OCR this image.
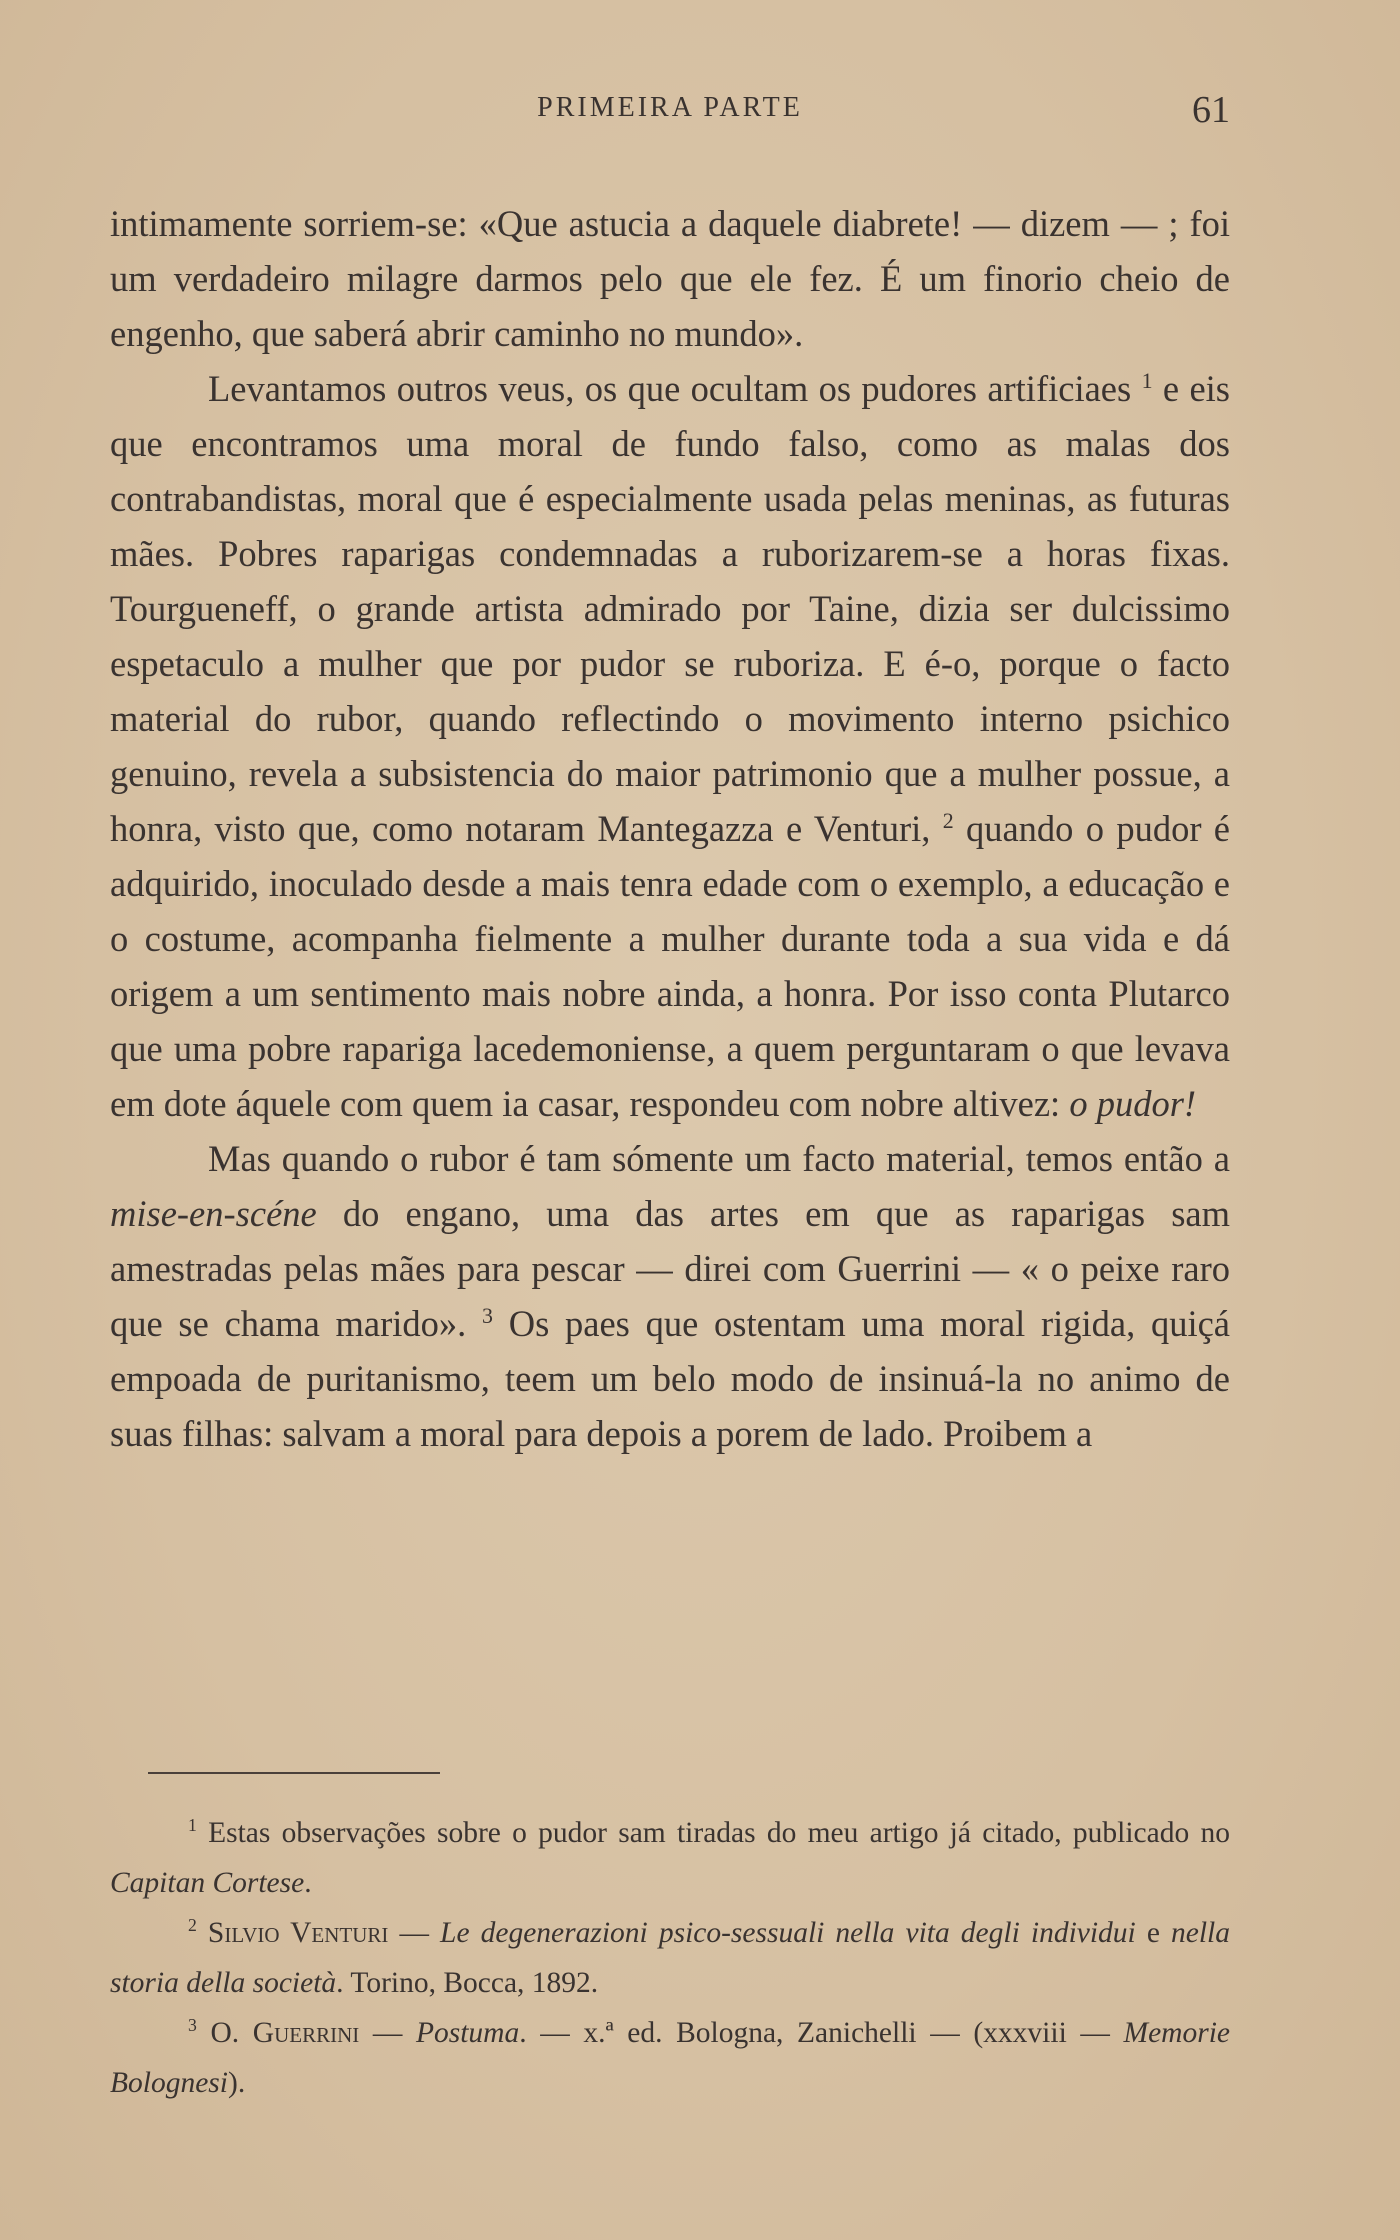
PRIMEIRA PARTE	61

intimamente sorriem-se: «Que astucia a daquele diabrete! — dizem — ; foi um verdadeiro milagre darmos pelo que ele fez. É um finorio cheio de engenho, que saberá abrir caminho no mundo».

Levantamos outros veus, os que ocultam os pudores artificiaes $^1$ e eis que encontramos uma moral de fundo falso, como as malas dos contrabandistas, moral que é especialmente usada pelas meninas, as futuras mães. Pobres raparigas condemnadas a ruborizarem-se a horas fixas. Tourgueneff, o grande artista admirado por Taine, dizia ser dulcissimo espetaculo a mulher que por pudor se ruboriza. E é-o, porque o facto material do rubor, quando reflectindo o movimento interno psichico genuino, revela a subsistencia do maior patrimonio que a mulher possue, a honra, visto que, como notaram Mantegazza e Venturi, $^2$ quando o pudor é adquirido, inoculado desde a mais tenra edade com o exemplo, a educação e o costume, acompanha fielmente a mulher durante toda a sua vida e dá origem a um sentimento mais nobre ainda, a honra. Por isso conta Plutarco que uma pobre rapariga lacedemoniense, a quem perguntaram o que levava em dote áquele com quem ia casar, respondeu com nobre altivez: o pudor!

Mas quando o rubor é tam sómente um facto material, temos então a mise-en-scéne do engano, uma das artes em que as raparigas sam amestradas pelas mães para pescar — direi com Guerrini — « o peixe raro que se chama marido». $^3$ Os paes que ostentam uma moral rigida, quiçá empoada de puritanismo, teem um belo modo de insinuá-la no animo de suas filhas: salvam a moral para depois a porem de lado. Proibem a

$^1$ Estas observações sobre o pudor sam tiradas do meu artigo já citado, publicado no Capitan Cortese.

$^2$ Silvio Venturi — Le degenerazioni psico-sessuali nella vita degli individui e nella storia della società. Torino, Bocca, 1892.

$^3$ O. Guerrini — Postuma. — x.ª ed. Bologna, Zanichelli — (xxxviii — Memorie Bolognesi).
